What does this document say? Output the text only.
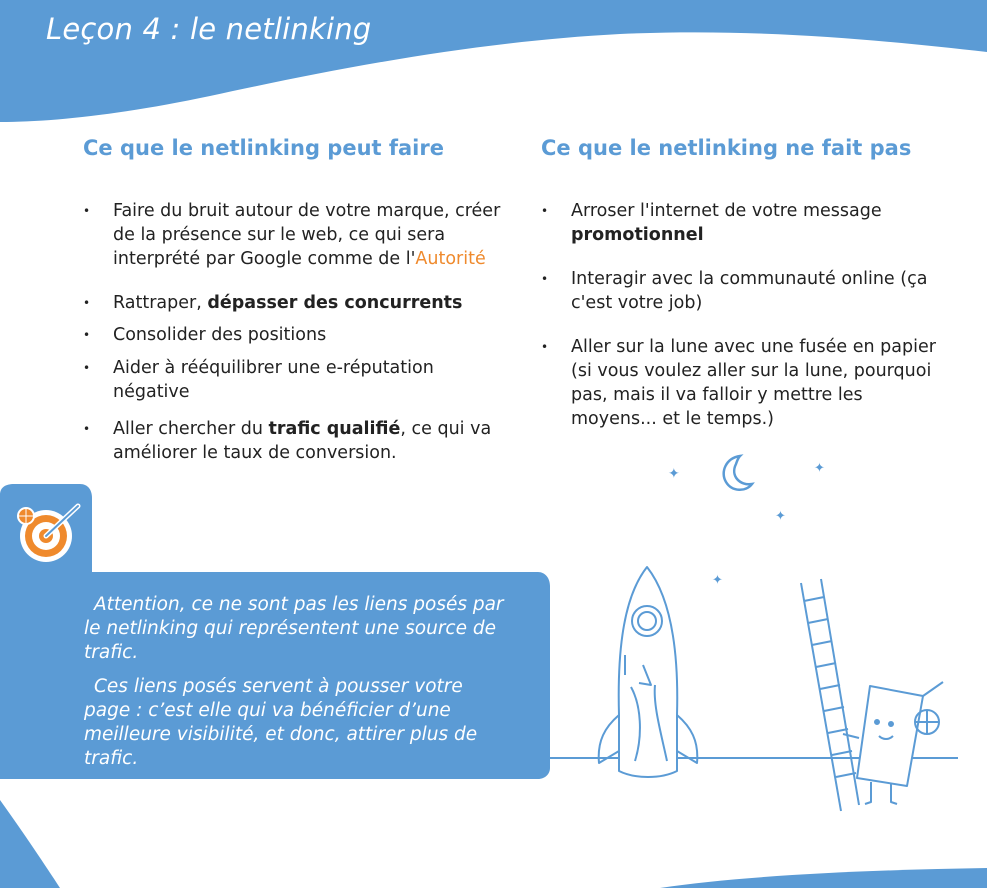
Leçon 4 : le netlinking
Ce que le netlinking peut faire	Ce que le netlinking ne fait pas
• Faire du bruit autour de votre marque, créer de la présence sur le web, ce qui sera interprété par Google comme de l'Autorité
• Rattraper, dépasser des concurrents
• Consolider des positions
• Aider à rééquilibrer une e-réputation négative
• Aller chercher du trafic qualifié, ce qui va améliorer le taux de conversion.
• Arroser l'internet de votre message promotionnel
• Interagir avec la communauté online (ça c'est votre job)
• Aller sur la lune avec une fusée en papier (si vous voulez aller sur la lune, pourquoi pas, mais il va falloir y mettre les moyens... et le temps.)

Attention, ce ne sont pas les liens posés par le netlinking qui représentent une source de trafic.

Ces liens posés servent à pousser votre page : c’est elle qui va bénéficier d’une meilleure visibilité, et donc, attirer plus de trafic.

✦	✦
✦
✦
